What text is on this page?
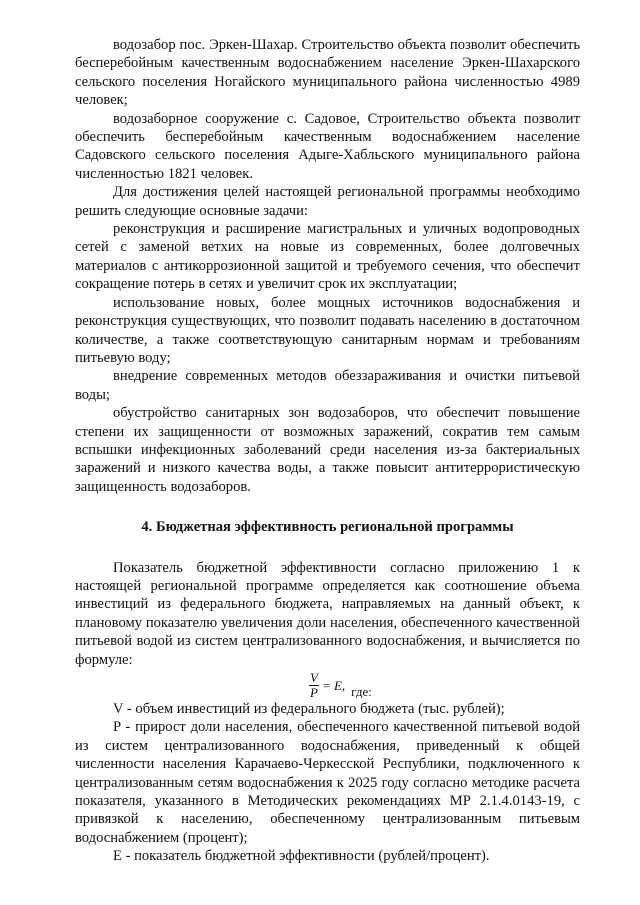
водозабор пос. Эркен-Шахар. Строительство объекта позволит обеспечить бесперебойным качественным водоснабжением население Эркен-Шахарского сельского поселения Ногайского муниципального района численностью 4989 человек;

водозаборное сооружение с. Садовое, Строительство объекта позволит обеспечить бесперебойным качественным водоснабжением население Садовского сельского поселения Адыге-Хабльского муниципального района численностью 1821 человек.

Для достижения целей настоящей региональной программы необходимо решить следующие основные задачи:

реконструкция и расширение магистральных и уличных водопроводных сетей с заменой ветхих на новые из современных, более долговечных материалов с антикоррозионной защитой и требуемого сечения, что обеспечит сокращение потерь в сетях и увеличит срок их эксплуатации;

использование новых, более мощных источников водоснабжения и реконструкция существующих, что позволит подавать населению в достаточном количестве, а также соответствующую санитарным нормам и требованиям питьевую воду;

внедрение современных методов обеззараживания и очистки питьевой воды;

обустройство санитарных зон водозаборов, что обеспечит повышение степени их защищенности от возможных заражений, сократив тем самым вспышки инфекционных заболеваний среди населения из-за бактериальных заражений и низкого качества воды, а также повысит антитеррористическую защищенность водозаборов.

4. Бюджетная эффективность региональной программы

Показатель бюджетной эффективности согласно приложению 1 к настоящей региональной программе определяется как соотношение объема инвестиций из федерального бюджета, направляемых на данный объект, к плановому показателю увеличения доли населения, обеспеченного качественной питьевой водой из систем централизованного водоснабжения, и вычисляется по формуле:

$\frac{V}{P} = E$, где:

V - объем инвестиций из федерального бюджета (тыс. рублей);

P - прирост доли населения, обеспеченного качественной питьевой водой из систем централизованного водоснабжения, приведенный к общей численности населения Карачаево-Черкесской Республики, подключенного к централизованным сетям водоснабжения к 2025 году согласно методике расчета показателя, указанного в Методических рекомендациях МР 2.1.4.0143-19, с привязкой к населению, обеспеченному централизованным питьевым водоснабжением (процент);

E - показатель бюджетной эффективности (рублей/процент).
